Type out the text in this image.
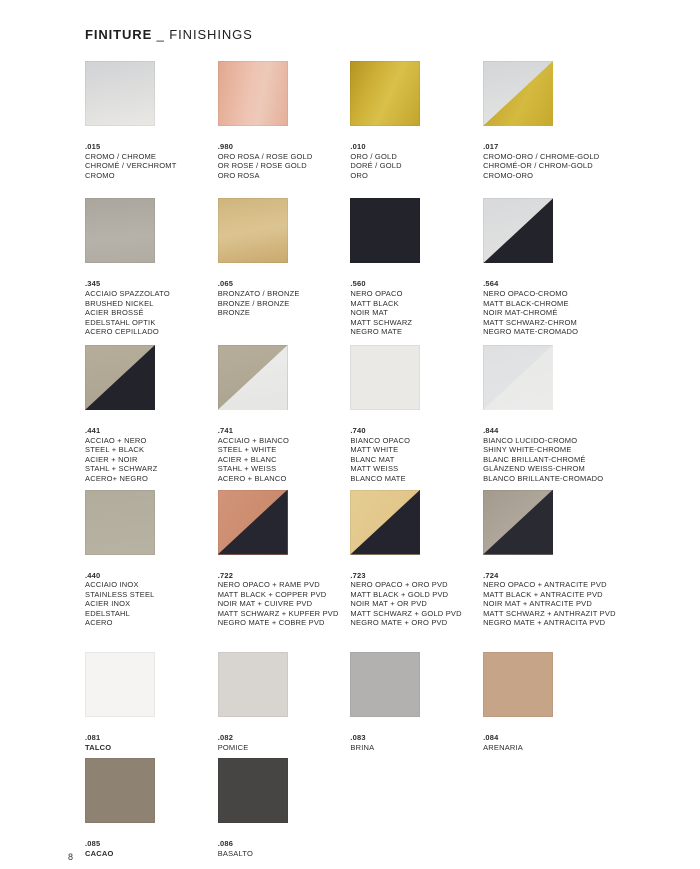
FINITURE _ FINISHINGS
.015
CROMO / CHROME
CHROMÉ / VERCHROMT
CROMO
.980
ORO ROSA / ROSE GOLD
OR ROSE / ROSE GOLD
ORO ROSA
.010
ORO / GOLD
DORÉ / GOLD
ORO
.017
CROMO-ORO / CHROME-GOLD
CHROMÉ-OR / CHROM-GOLD
CROMO-ORO
.345
ACCIAIO SPAZZOLATO
BRUSHED NICKEL
ACIER BROSSÉ
EDELSTAHL OPTIK
ACERO CEPILLADO
.065
BRONZATO / BRONZE
BRONZE / BRONZE
BRONZE
.560
NERO OPACO
MATT BLACK
NOIR MAT
MATT SCHWARZ
NEGRO MATE
.564
NERO OPACO-CROMO
MATT BLACK-CHROME
NOIR MAT-CHROMÉ
MATT SCHWARZ-CHROM
NEGRO MATE-CROMADO
.441
ACCIAO + NERO
STEEL + BLACK
ACIER + NOIR
STAHL + SCHWARZ
ACERO+ NEGRO
.741
ACCIAIO + BIANCO
STEEL + WHITE
ACIER + BLANC
STAHL + WEISS
ACERO + BLANCO
.740
BIANCO OPACO
MATT WHITE
BLANC MAT
MATT WEISS
BLANCO MATE
.844
BIANCO LUCIDO-CROMO
SHINY WHITE-CHROME
BLANC BRILLANT-CHROMÉ
GLÄNZEND WEISS-CHROM
BLANCO BRILLANTE-CROMADO
.440
ACCIAIO INOX
STAINLESS STEEL
ACIER INOX
EDELSTAHL
ACERO
.722
NERO OPACO + RAME PVD
MATT BLACK + COPPER PVD
NOIR MAT + CUIVRE PVD
MATT SCHWARZ + KUPFER PVD
NEGRO MATE + COBRE PVD
.723
NERO OPACO + ORO PVD
MATT BLACK + GOLD PVD
NOIR MAT + OR PVD
MATT SCHWARZ + GOLD PVD
NEGRO MATE + ORO PVD
.724
NERO OPACO + ANTRACITE PVD
MATT BLACK + ANTRACITE PVD
NOIR MAT + ANTRACITE PVD
MATT SCHWARZ + ANTHRAZIT PVD
NEGRO MATE + ANTRACITA PVD
.081
TALCO
.082
POMICE
.083
BRINA
.084
ARENARIA
.085
CACAO
.086
BASALTO
8
